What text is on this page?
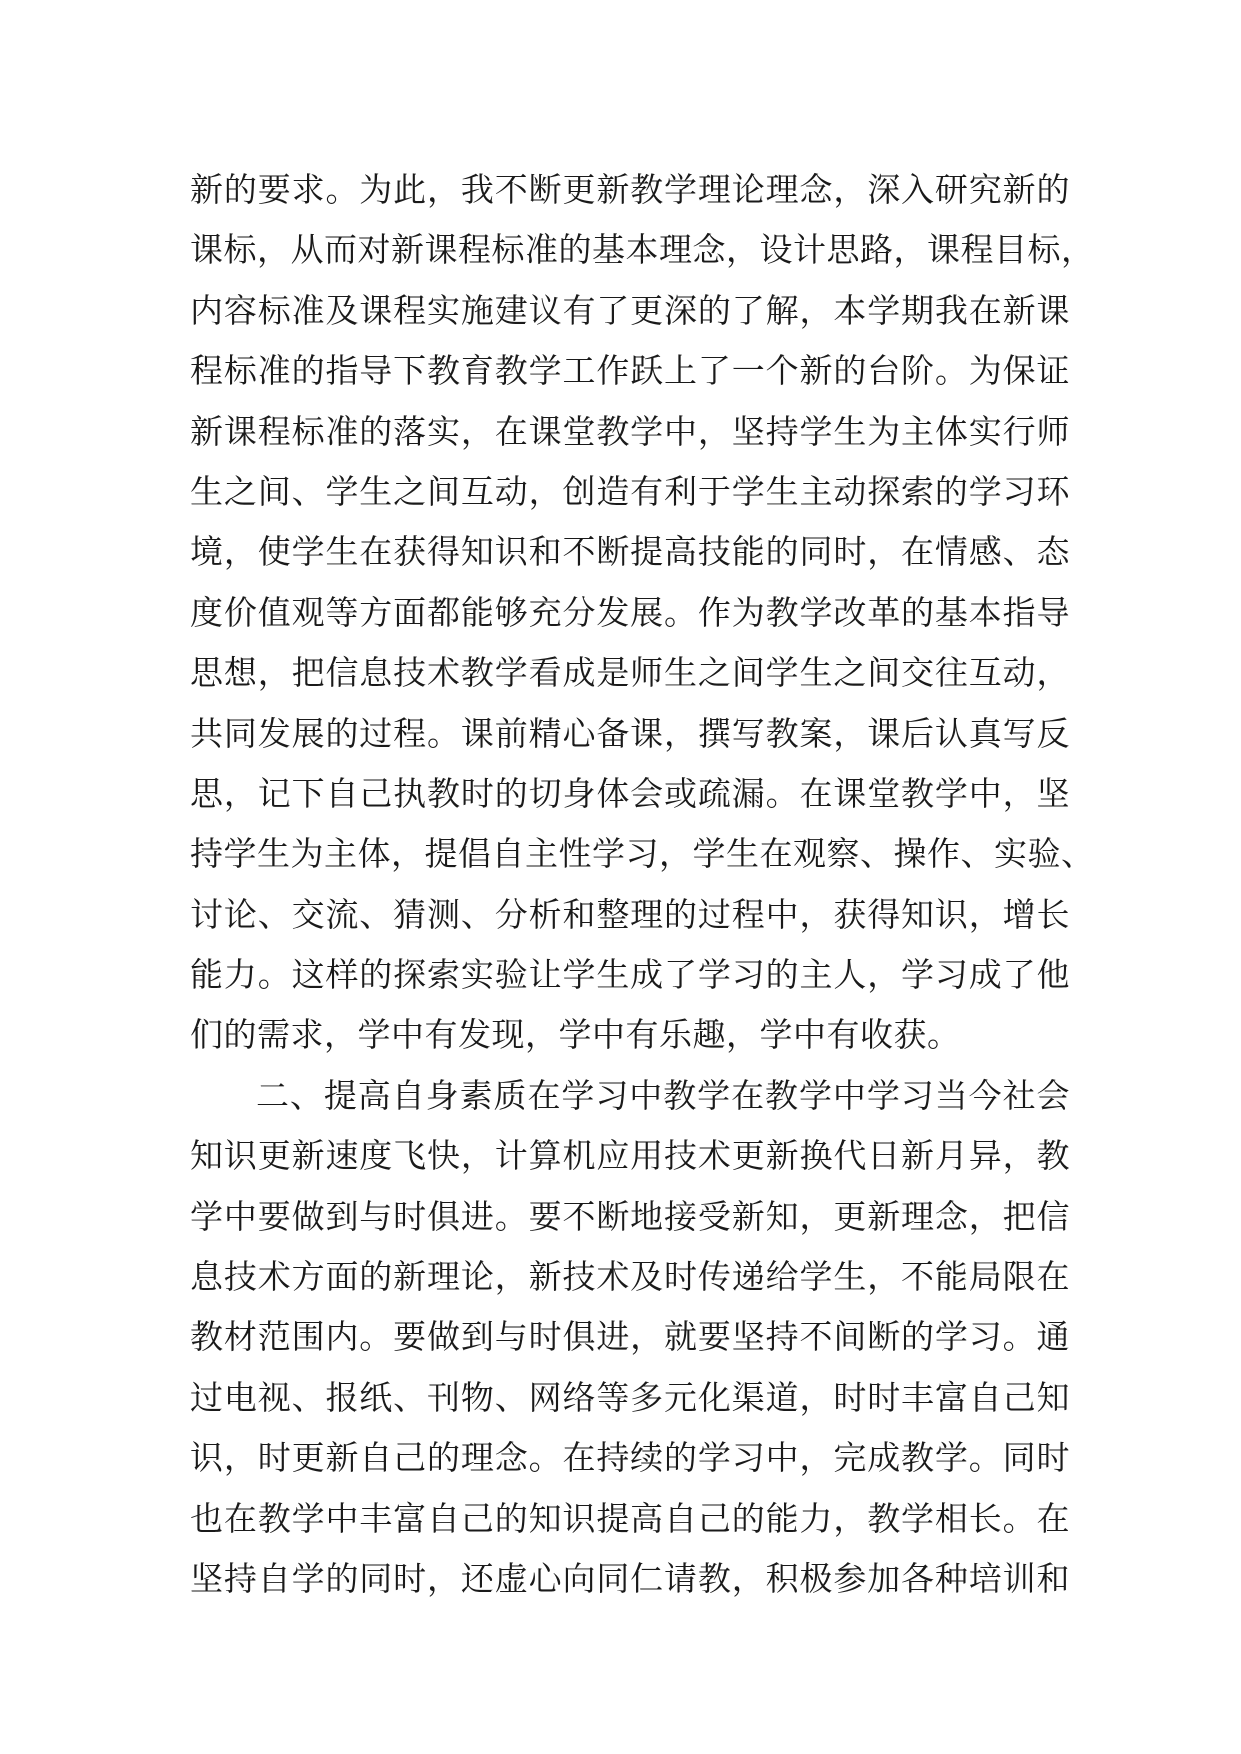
新的要求。为此，我不断更新教学理论理念，深入研究新的
课标，从而对新课程标准的基本理念，设计思路，课程目标，
内容标准及课程实施建议有了更深的了解，本学期我在新课
程标准的指导下教育教学工作跃上了一个新的台阶。为保证
新课程标准的落实，在课堂教学中，坚持学生为主体实行师
生之间、学生之间互动，创造有利于学生主动探索的学习环
境，使学生在获得知识和不断提高技能的同时，在情感、态
度价值观等方面都能够充分发展。作为教学改革的基本指导
思想，把信息技术教学看成是师生之间学生之间交往互动，
共同发展的过程。课前精心备课，撰写教案，课后认真写反
思，记下自己执教时的切身体会或疏漏。在课堂教学中，坚
持学生为主体，提倡自主性学习，学生在观察、操作、实验、
讨论、交流、猜测、分析和整理的过程中，获得知识，增长
能力。这样的探索实验让学生成了学习的主人，学习成了他
们的需求，学中有发现，学中有乐趣，学中有收获。
二、提高自身素质在学习中教学在教学中学习当今社会
知识更新速度飞快，计算机应用技术更新换代日新月异，教
学中要做到与时俱进。要不断地接受新知，更新理念，把信
息技术方面的新理论，新技术及时传递给学生，不能局限在
教材范围内。要做到与时俱进，就要坚持不间断的学习。通
过电视、报纸、刊物、网络等多元化渠道，时时丰富自己知
识，时更新自己的理念。在持续的学习中，完成教学。同时
也在教学中丰富自己的知识提高自己的能力，教学相长。在
坚持自学的同时，还虚心向同仁请教，积极参加各种培训和
